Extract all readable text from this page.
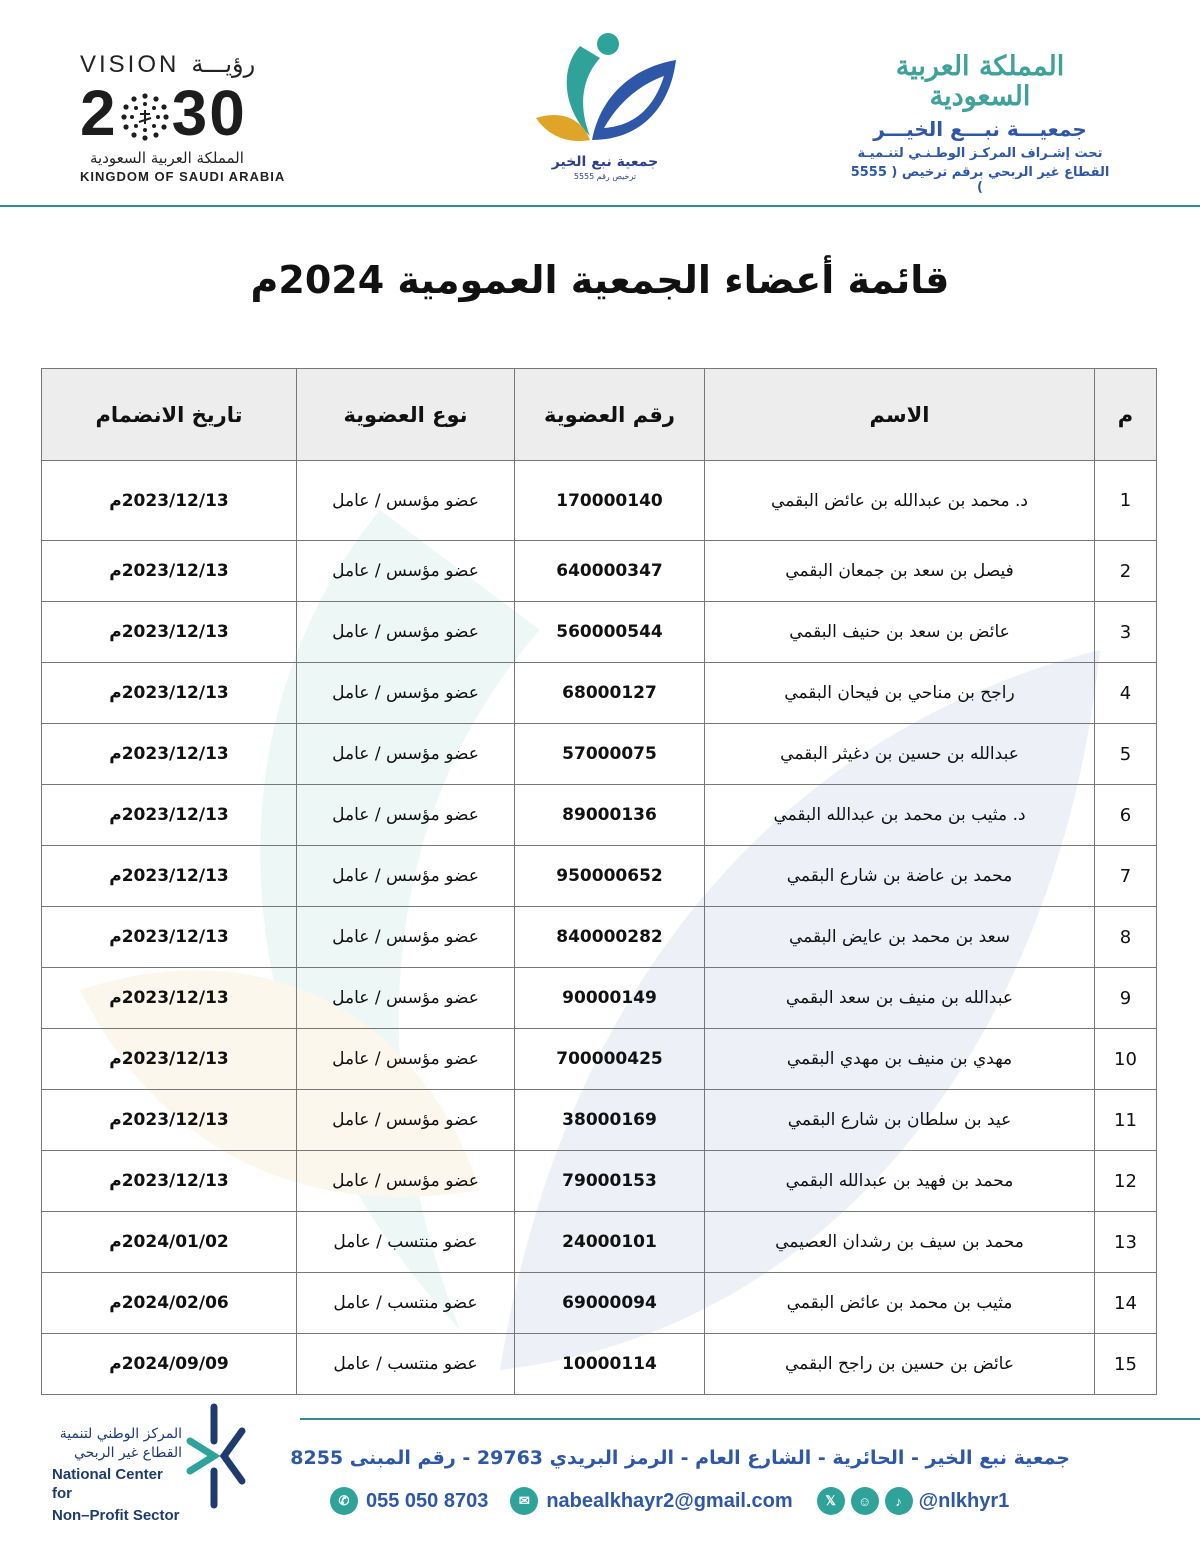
المملكة العربية السعودية
جمعيـــة نبـــع الخيـــر
تحت إشـراف المركـز الوطـنـي لتنـميـة
القطاع غير الربحي برقم ترخيص ( 5555 )
جمعية نبع الخير
ترخيص رقم 5555
VISION رؤيـــة
2 30
المملكة العربية السعودية
KINGDOM OF SAUDI ARABIA
قائمة أعضاء الجمعية العمومية 2024م
م	الاسم	رقم العضوية	نوع العضوية	تاريخ الانضمام
1	د. محمد بن عبدالله بن عائض البقمي	170000140	عضو مؤسس / عامل	2023/12/13م
2	فيصل بن سعد بن جمعان البقمي	640000347	عضو مؤسس / عامل	2023/12/13م
3	عائض بن سعد بن حنيف البقمي	560000544	عضو مؤسس / عامل	2023/12/13م
4	راجح بن مناحي بن فيحان البقمي	68000127	عضو مؤسس / عامل	2023/12/13م
5	عبدالله بن حسين بن دغيثر البقمي	57000075	عضو مؤسس / عامل	2023/12/13م
6	د. مثيب بن محمد بن عبدالله البقمي	89000136	عضو مؤسس / عامل	2023/12/13م
7	محمد بن عاضة بن شارع البقمي	950000652	عضو مؤسس / عامل	2023/12/13م
8	سعد بن محمد بن عايض البقمي	840000282	عضو مؤسس / عامل	2023/12/13م
9	عبدالله بن منيف بن سعد البقمي	90000149	عضو مؤسس / عامل	2023/12/13م
10	مهدي بن منيف بن مهدي البقمي	700000425	عضو مؤسس / عامل	2023/12/13م
11	عيد بن سلطان بن شارع البقمي	38000169	عضو مؤسس / عامل	2023/12/13م
12	محمد بن فهيد بن عبدالله البقمي	79000153	عضو مؤسس / عامل	2023/12/13م
13	محمد بن سيف بن رشدان العصيمي	24000101	عضو منتسب / عامل	2024/01/02م
14	مثيب بن محمد بن عائض البقمي	69000094	عضو منتسب / عامل	2024/02/06م
15	عائض بن حسين بن راجح البقمي	10000114	عضو منتسب / عامل	2024/09/09م
المركز الوطني لتنمية
القطاع غير الربحي
National Center for
Non–Profit Sector
جمعية نبع الخير - الحائرية - الشارع العام - الرمز البريدي 29763 - رقم المبنى 8255
✆ 055 050 8703	✉ nabealkhayr2@gmail.com	𝕏	☺	♪ @nlkhyr1
